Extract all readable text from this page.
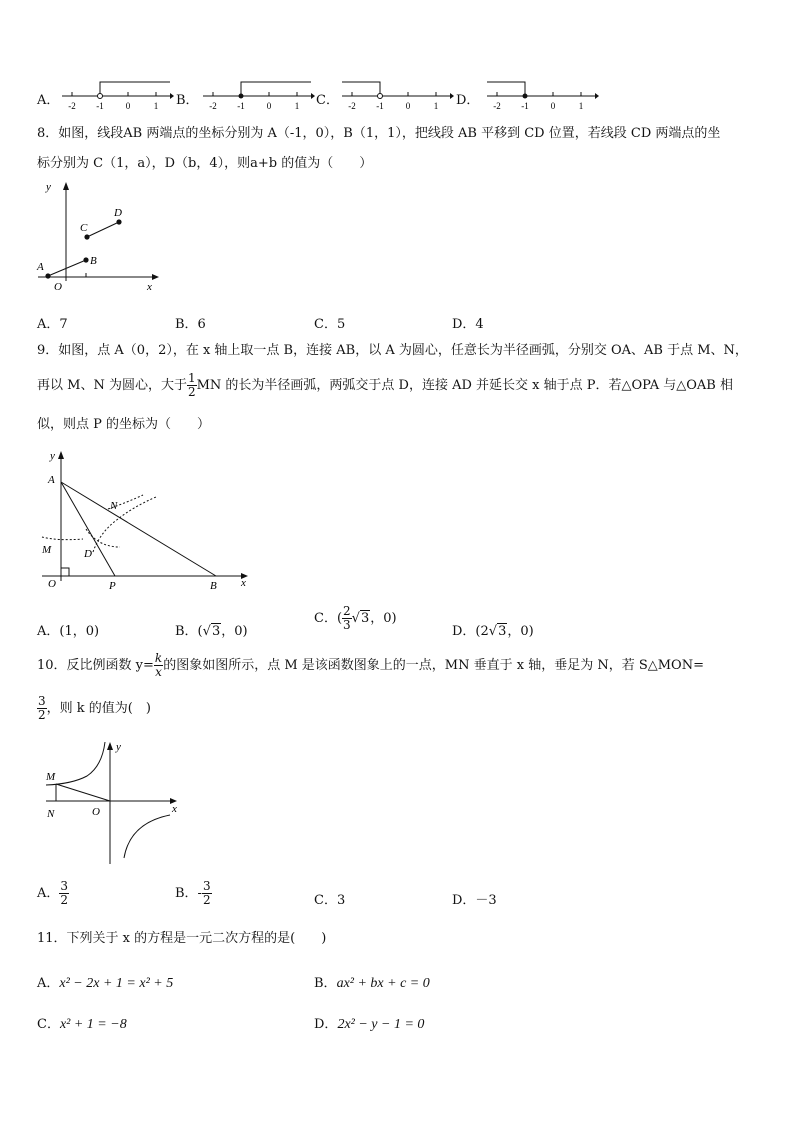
A． -2 -1 0	1 B． -2 -1 0	1 C． -2 -1 0	1 D． -2 -1 0	1
8．如图，线段AB 两端点的坐标分别为 A（-1，0），B（1，1），把线段 AB 平移到 CD 位置，若线段 CD 两端点的坐
标分别为 C（1，a），D（b，4），则a+b 的值为（　　）
y
x
O
A	B
C
D
A．7	B．6	C．5	D．4
9．如图，点 A（0，2），在 x 轴上取一点 B，连接 AB，以 A 为圆心，任意长为半径画弧，分别交 OA、AB 于点 M、N，
再以 M、N 为圆心，大于 $\frac{1}{2}$ MN 的长为半径画弧，两弧交于点 D，连接 AD 并延长交 x 轴于点 P．若△OPA 与△OAB 相
似，则点 P 的坐标为（　　）
y
x
A
N
M	D
O	P	B
A．(1，0)	B．(√3，0)
C．( $\frac{2}{3} √3$，0)
D．(2√3，0)
10．反比例函数 $y= \frac{k}{x}$ 的图象如图所示，点 M 是该函数图象上的一点，MN 垂直于 x 轴，垂足为 N，若 S△MON=
$\frac{3}{2}$ ，则 k 的值为(　)
y
x
M
N	O
A． $\frac{3}{2}$	B．- $\frac{3}{2}$	C．3	D．－3
11．下列关于 x 的方程是一元二次方程的是(　　)
A．x² − 2x + 1 = x² + 5	B．ax² + bx + c = 0
C．x² + 1 = −8	D．2x² − y − 1 = 0
